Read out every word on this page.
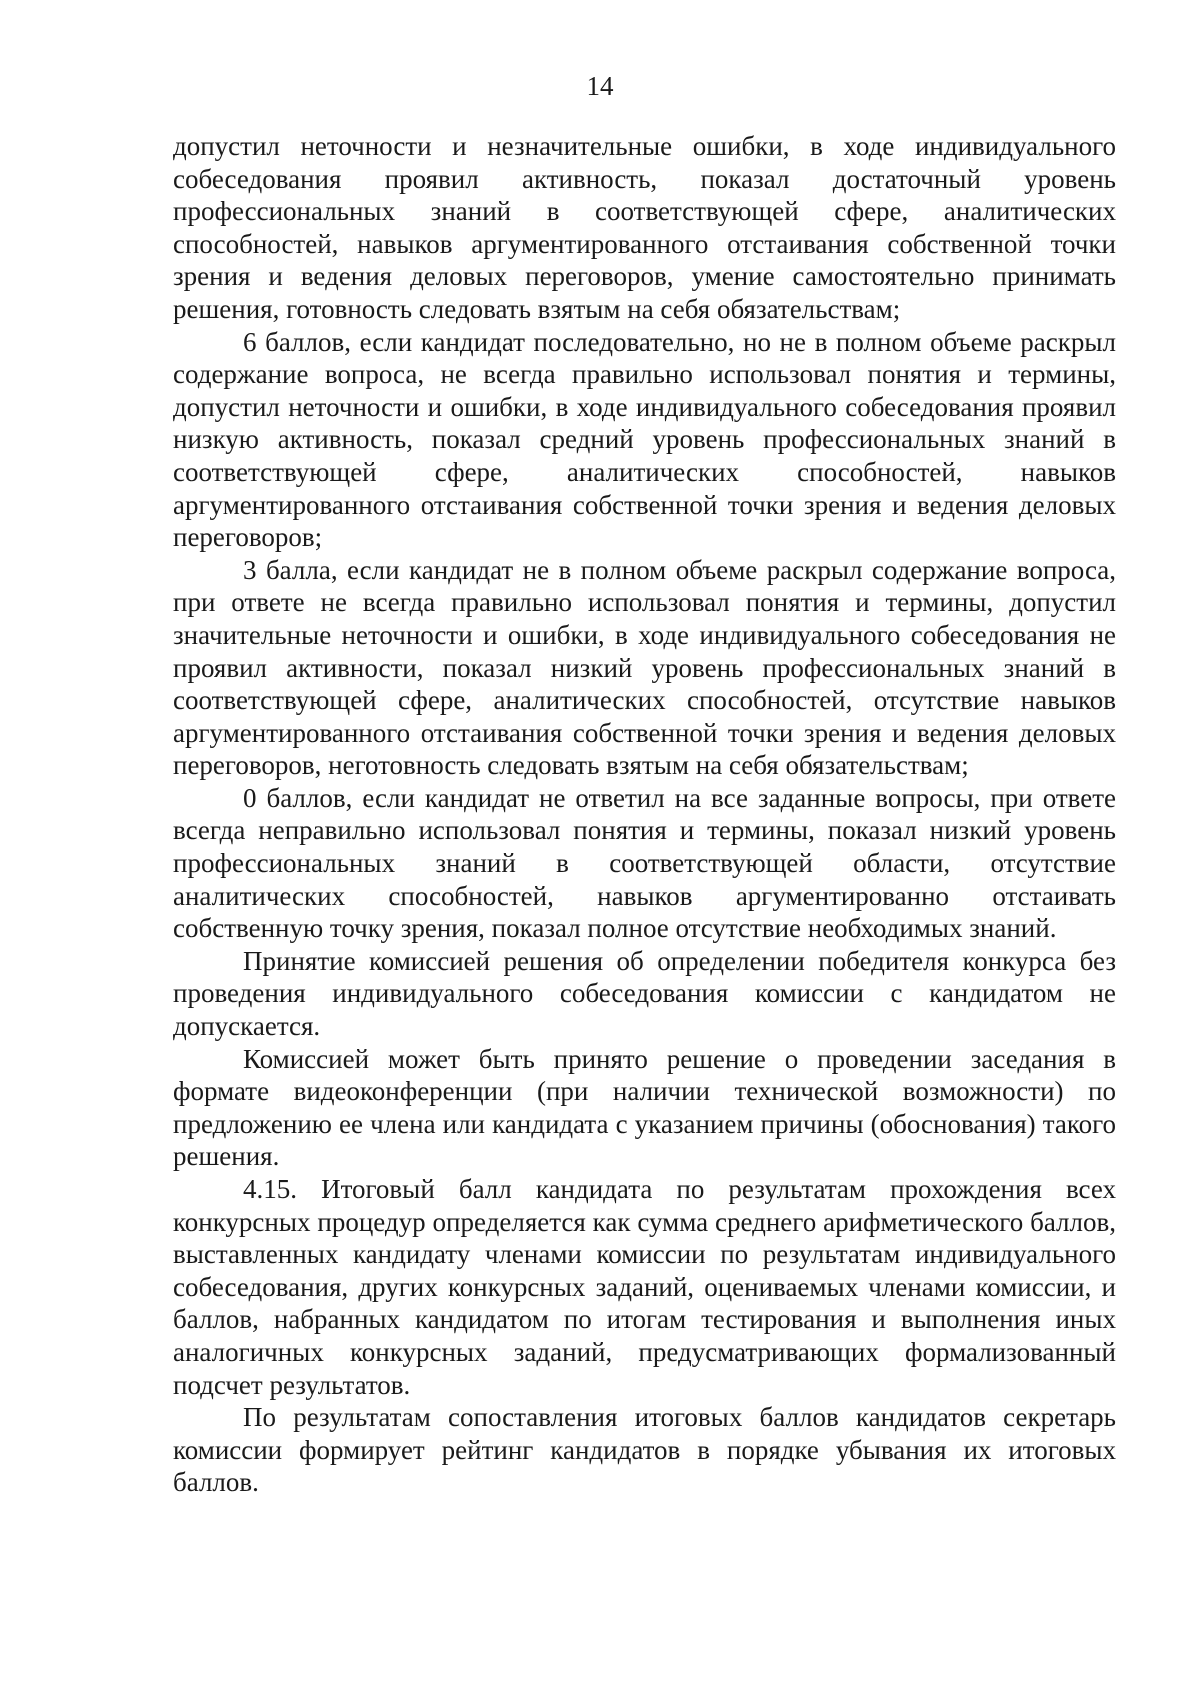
14

допустил неточности и незначительные ошибки, в ходе индивидуального собеседования проявил активность, показал достаточный уровень профессиональных знаний в соответствующей сфере, аналитических способностей, навыков аргументированного отстаивания собственной точки зрения и ведения деловых переговоров, умение самостоятельно принимать решения, готовность следовать взятым на себя обязательствам;

6 баллов, если кандидат последовательно, но не в полном объеме раскрыл содержание вопроса, не всегда правильно использовал понятия и термины, допустил неточности и ошибки, в ходе индивидуального собеседования проявил низкую активность, показал средний уровень профессиональных знаний в соответствующей сфере, аналитических способностей, навыков аргументированного отстаивания собственной точки зрения и ведения деловых переговоров;

3 балла, если кандидат не в полном объеме раскрыл содержание вопроса, при ответе не всегда правильно использовал понятия и термины, допустил значительные неточности и ошибки, в ходе индивидуального собеседования не проявил активности, показал низкий уровень профессиональных знаний в соответствующей сфере, аналитических способностей, отсутствие навыков аргументированного отстаивания собственной точки зрения и ведения деловых переговоров, неготовность следовать взятым на себя обязательствам;

0 баллов, если кандидат не ответил на все заданные вопросы, при ответе всегда неправильно использовал понятия и термины, показал низкий уровень профессиональных знаний в соответствующей области, отсутствие аналитических способностей, навыков аргументированно отстаивать собственную точку зрения, показал полное отсутствие необходимых знаний.

Принятие комиссией решения об определении победителя конкурса без проведения индивидуального собеседования комиссии с кандидатом не допускается.

Комиссией может быть принято решение о проведении заседания в формате видеоконференции (при наличии технической возможности) по предложению ее члена или кандидата с указанием причины (обоснования) такого решения.

4.15. Итоговый балл кандидата по результатам прохождения всех конкурсных процедур определяется как сумма среднего арифметического баллов, выставленных кандидату членами комиссии по результатам индивидуального собеседования, других конкурсных заданий, оцениваемых членами комиссии, и баллов, набранных кандидатом по итогам тестирования и выполнения иных аналогичных конкурсных заданий, предусматривающих формализованный подсчет результатов.

По результатам сопоставления итоговых баллов кандидатов секретарь комиссии формирует рейтинг кандидатов в порядке убывания их итоговых баллов.
